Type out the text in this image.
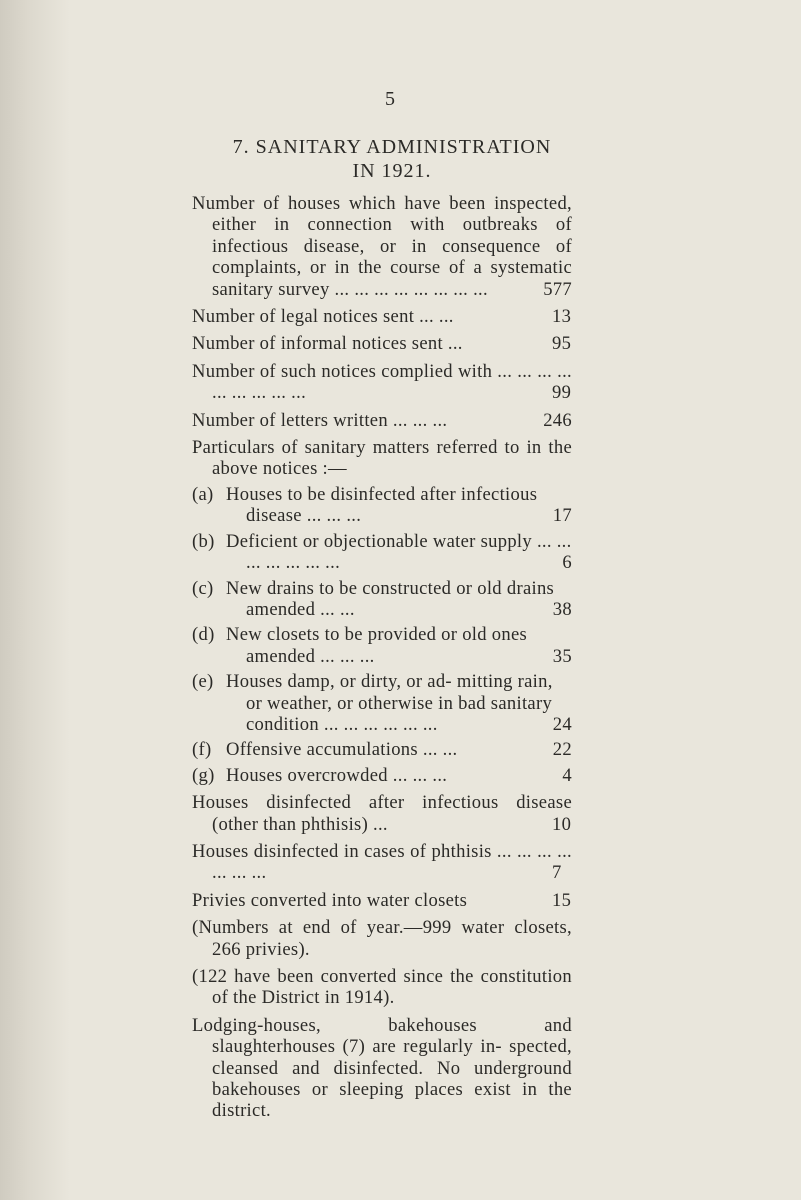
5
7. SANITARY ADMINISTRATION
IN 1921.
Number of houses which have been inspected, either in connection with outbreaks of infectious disease, or in consequence of complaints, or in the course of a systematic sanitary survey ... ... ... ... ... ... ... ...	577
Number of legal notices sent ... ...	13
Number of informal notices sent ...	95
Number of such notices complied with ... ... ... ... ... ... ... ... ...	99
Number of letters written ... ... ...	246
Particulars of sanitary matters referred to in the above notices :—
(a) Houses to be disinfected after infectious disease ... ... ...	17
(b) Deficient or objectionable water supply ... ... ... ... ... ... ...	6
(c) New drains to be constructed or old drains amended ... ...	38
(d) New closets to be provided or old ones amended ... ... ...	35
(e) Houses damp, or dirty, or ad- mitting rain, or weather, or otherwise in bad sanitary condition ... ... ... ... ... ...	24
(f) Offensive accumulations ... ...	22
(g) Houses overcrowded ... ... ...	4
Houses disinfected after infectious disease (other than phthisis) ...	10
Houses disinfected in cases of phthisis ... ... ... ... ... ... ...	7
Privies converted into water closets	15
(Numbers at end of year.—999 water closets, 266 privies).
(122 have been converted since the constitution of the District in 1914).
Lodging-houses, bakehouses and slaughterhouses (7) are regularly in- spected, cleansed and disinfected. No underground bakehouses or sleeping places exist in the district.
